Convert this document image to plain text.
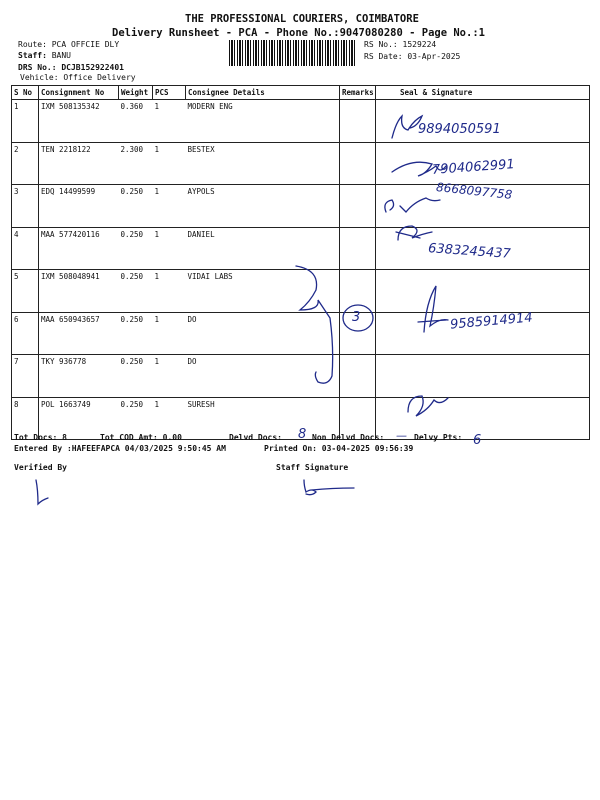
THE PROFESSIONAL COURIERS, COIMBATORE
Delivery Runsheet - PCA - Phone No.:9047080280 - Page No.:1
Route: PCA OFFCIE DLY
Staff: BANU
DRS No.: DCJB152922401
Vehicle: Office Delivery
RS No.: 1529224
RS Date: 03-Apr-2025
S No	Consignment No	Weight	PCS	Consignee Details	Remarks	Seal & Signature
1	IXM 508135342	0.360	1	MODERN ENG		
2	TEN 2218122	2.300	1	BESTEX		
3	EDQ 14499599	0.250	1	AYPOLS		
4	MAA 577420116	0.250	1	DANIEL		
5	IXM 508048941	0.250	1	VIDAI LABS		
6	MAA 650943657	0.250	1	DO		
7	TKY 936778	0.250	1	DO		
8	POL 1663749	0.250	1	SURESH		
9894050591
7904062991
8668097758
6383245437
9585914914
3
Tot Docs: 8	Tot COD Amt: 0.00	Delvd Docs: 8 Non Delvd Docs: — Delvy Pts: 6
Entered By :HAFEEFAPCA 04/03/2025 9:50:45 AM	Printed On: 03-04-2025 09:56:39
Verified By	Staff Signature
